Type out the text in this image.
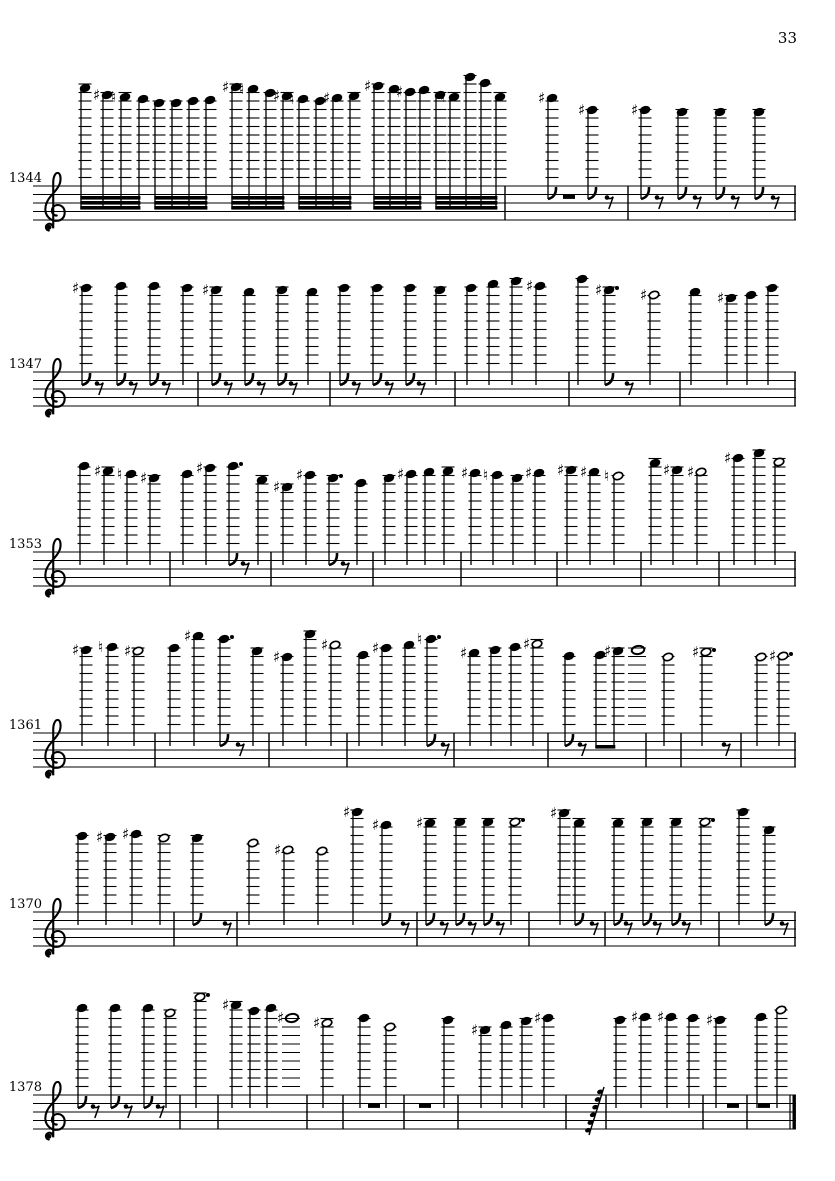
33
1344
♯ ♮
♯ ♮ ♯ ♮ ♯
♯ ♯ ♮	♯
♯	♯
1347
♯	♯	♯	♯	♯	♯
1353
♯ ♮ ♯
♯
♯
♯	♯	♯ ♮ ♯ ♯ ♯ ♮	♯ ♯
♯
1361
♯ ♮ ♯
♯
♯
♯	♯	♮
♯	♯	♯	♯	♯
1370
♯ ♯
♯
♯
♯ ♯
♯
1378
♯
♯ ♯	♯
♯	♯ ♯	♯
